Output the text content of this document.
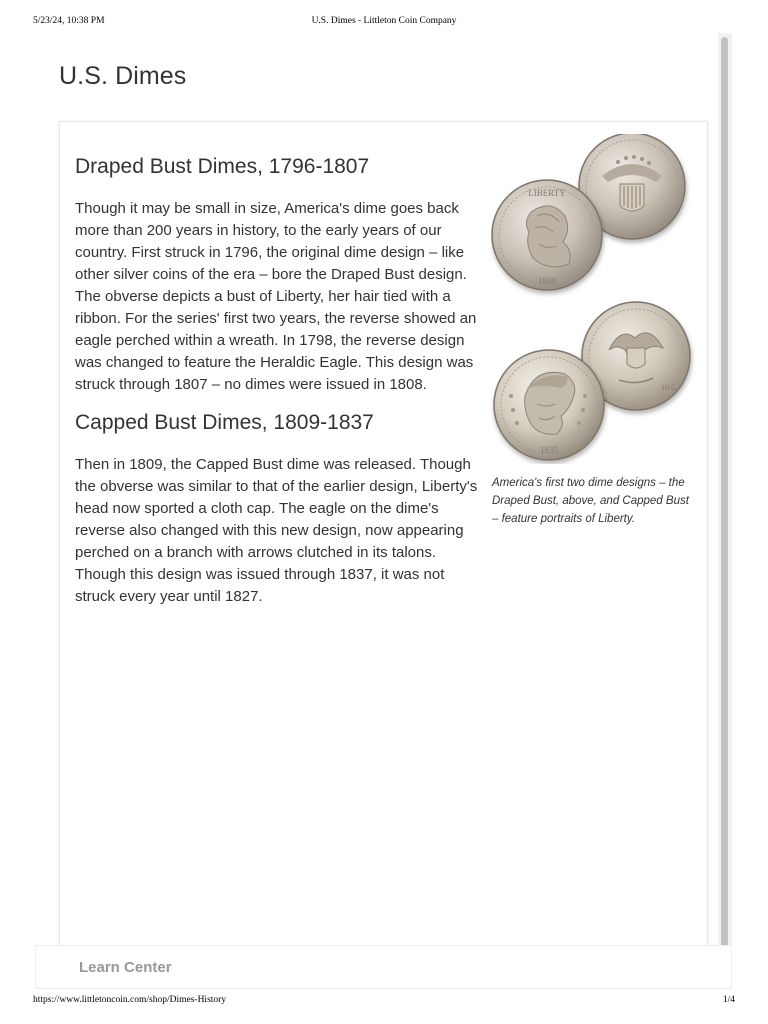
5/23/24, 10:38 PM	U.S. Dimes - Littleton Coin Company
U.S. Dimes
Draped Bust Dimes, 1796-1807

Though it may be small in size, America's dime goes back more than 200 years in history, to the early years of our country. First struck in 1796, the original dime design – like other silver coins of the era – bore the Draped Bust design. The obverse depicts a bust of Liberty, her hair tied with a ribbon. For the series' first two years, the reverse showed an eagle perched within a wreath. In 1798, the reverse design was changed to feature the Heraldic Eagle. This design was struck through 1807 – no dimes were issued in 1808.

Capped Bust Dimes, 1809-1837

Then in 1809, the Capped Bust dime was released. Though the obverse was similar to that of the earlier design, Liberty's head now sported a cloth cap. The eagle on the dime's reverse also changed with this new design, now appearing perched on a branch with arrows clutched in its talons. Though this design was issued through 1837, it was not struck every year until 1827.

LIBERTY
1800
10 C.
1835

America's first two dime designs – the Draped Bust, above, and Capped Bust – feature portraits of Liberty.

Learn Center
https://www.littletoncoin.com/shop/Dimes-History	1/4
